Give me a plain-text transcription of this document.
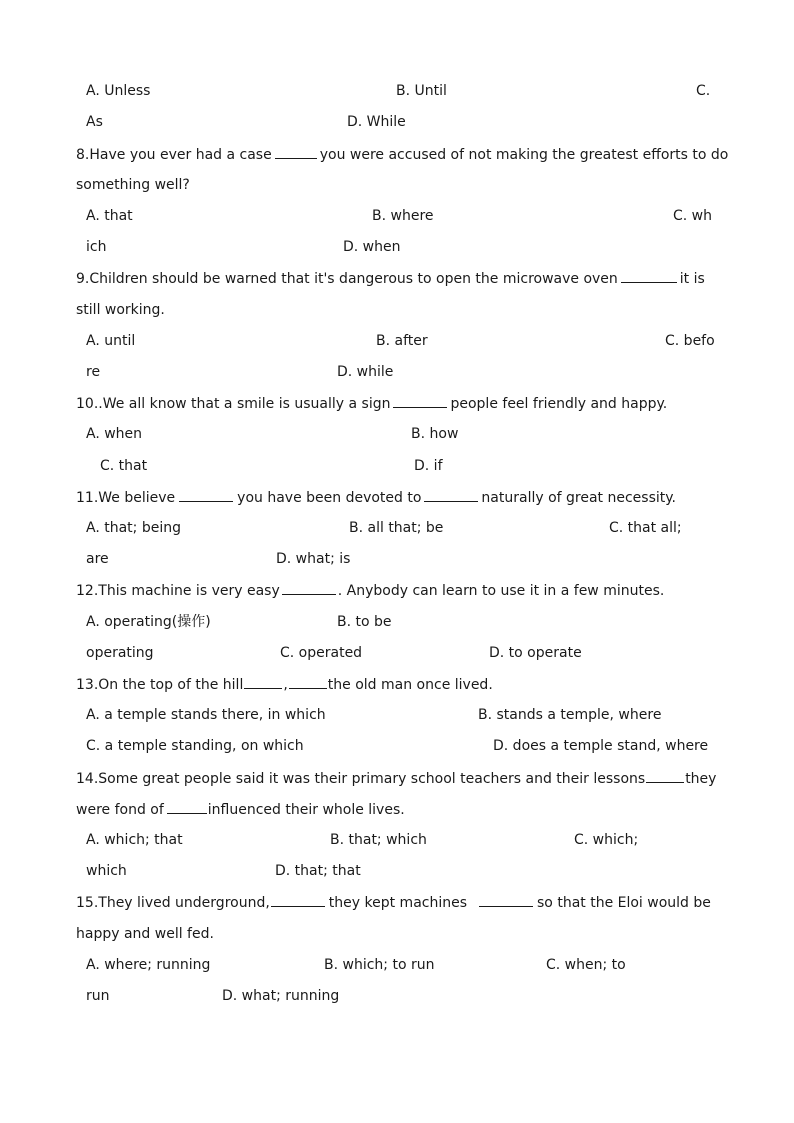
A. Unless	B. Until	C.
As	D. While
8.Have you ever had a case	you were accused of not making the greatest efforts to do
something well?
A. that	B. where	C. wh
ich	D. when
9.Children should be warned that it's dangerous to open the microwave oven	it is
still working.
A. until	B. after	C. befo
re	D. while
10..We all know that a smile is usually a sign	people feel friendly and happy.
A. when	B. how
C. that	D. if
11.We believe	you have been devoted to	naturally of great necessity.
A. that; being	B. all that; be	C. that all;
are	D. what; is
12.This machine is very easy	. Anybody can learn to use it in a few minutes.
A. operating(操作)	B. to be
operating	C. operated	D. to operate
13.On the top of the hill	,	the old man once lived.
A. a temple stands there, in which	B. stands a temple, where
C. a temple standing, on which	D. does a temple stand, where
14.Some great people said it was their primary school teachers and their lessons	they
were fond of	influenced their whole lives.
A. which; that	B. that; which	C. which;
which	D. that; that
15.They lived underground,	they kept machines	so that the Eloi would be
happy and well fed.
A. where; running	B. which; to run	C. when; to
run	D. what; running
